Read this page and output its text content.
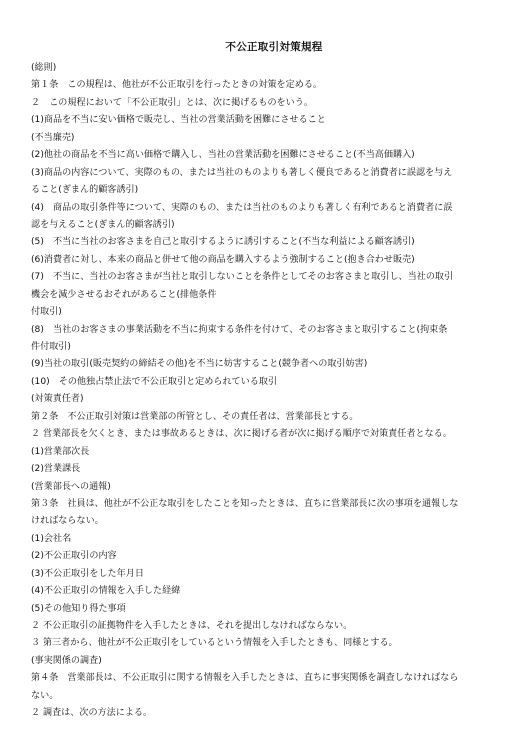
不公正取引対策規程
(総則)
第１条　この規程は、他社が不公正取引を行ったときの対策を定める。
２　この規程において「不公正取引」とは、次に掲げるものをいう。
(1)商品を不当に安い価格で販売し、当社の営業活動を困難にさせること
(不当廉売)
(2)他社の商品を不当に高い価格で購入し、当社の営業活動を困難にさせること(不当高価購入)
(3)商品の内容について、実際のもの、または当社のものよりも著しく優良であると消費者に誤認を与え
ること(ぎまん的顧客誘引)
(4)　商品の取引条件等について、実際のもの、または当社のものよりも著しく有利であると消費者に誤
認を与えること(ぎまん的顧客誘引)
(5)　不当に当社のお客さまを自己と取引するように誘引すること(不当な利益による顧客誘引)
(6)消費者に対し、本来の商品と併せて他の商品を購入するよう強制すること(抱き合わせ販売)
(7)　不当に、当社のお客さまが当社と取引しないことを条件としてそのお客さまと取引し、当社の取引
機会を減少させるおそれがあること(排他条件
付取引)
(8)　当社のお客さまの事業活動を不当に拘束する条件を付けて、そのお客さまと取引すること(拘束条
件付取引)
(9)当社の取引(販売契約の締結その他)を不当に妨害すること(競争者への取引妨害)
(10)　その他独占禁止法で不公正取引と定められている取引
(対策責任者)
第２条　不公正取引対策は営業部の所管とし、その責任者は、営業部長とする。
２ 営業部長を欠くとき、または事故あるときは、次に掲げる者が次に掲げる順序で対策責任者となる。
(1)営業部次長
(2)営業課長
(営業部長への通報)
第３条　社員は、他社が不公正な取引をしたことを知ったときは、直ちに営業部長に次の事項を通報しな
ければならない。
(1)会社名
(2)不公正取引の内容
(3)不公正取引をした年月日
(4)不公正取引の情報を入手した経緯
(5)その他知り得た事項
２ 不公正取引の証拠物件を入手したときは、それを提出しなければならない。
３ 第三者から、他社が不公正取引をしているという情報を入手したときも、同様とする。
(事実関係の調査)
第４条　営業部長は、不公正取引に関する情報を入手したときは、直ちに事実関係を調査しなければなら
ない。
２ 調査は、次の方法による。
